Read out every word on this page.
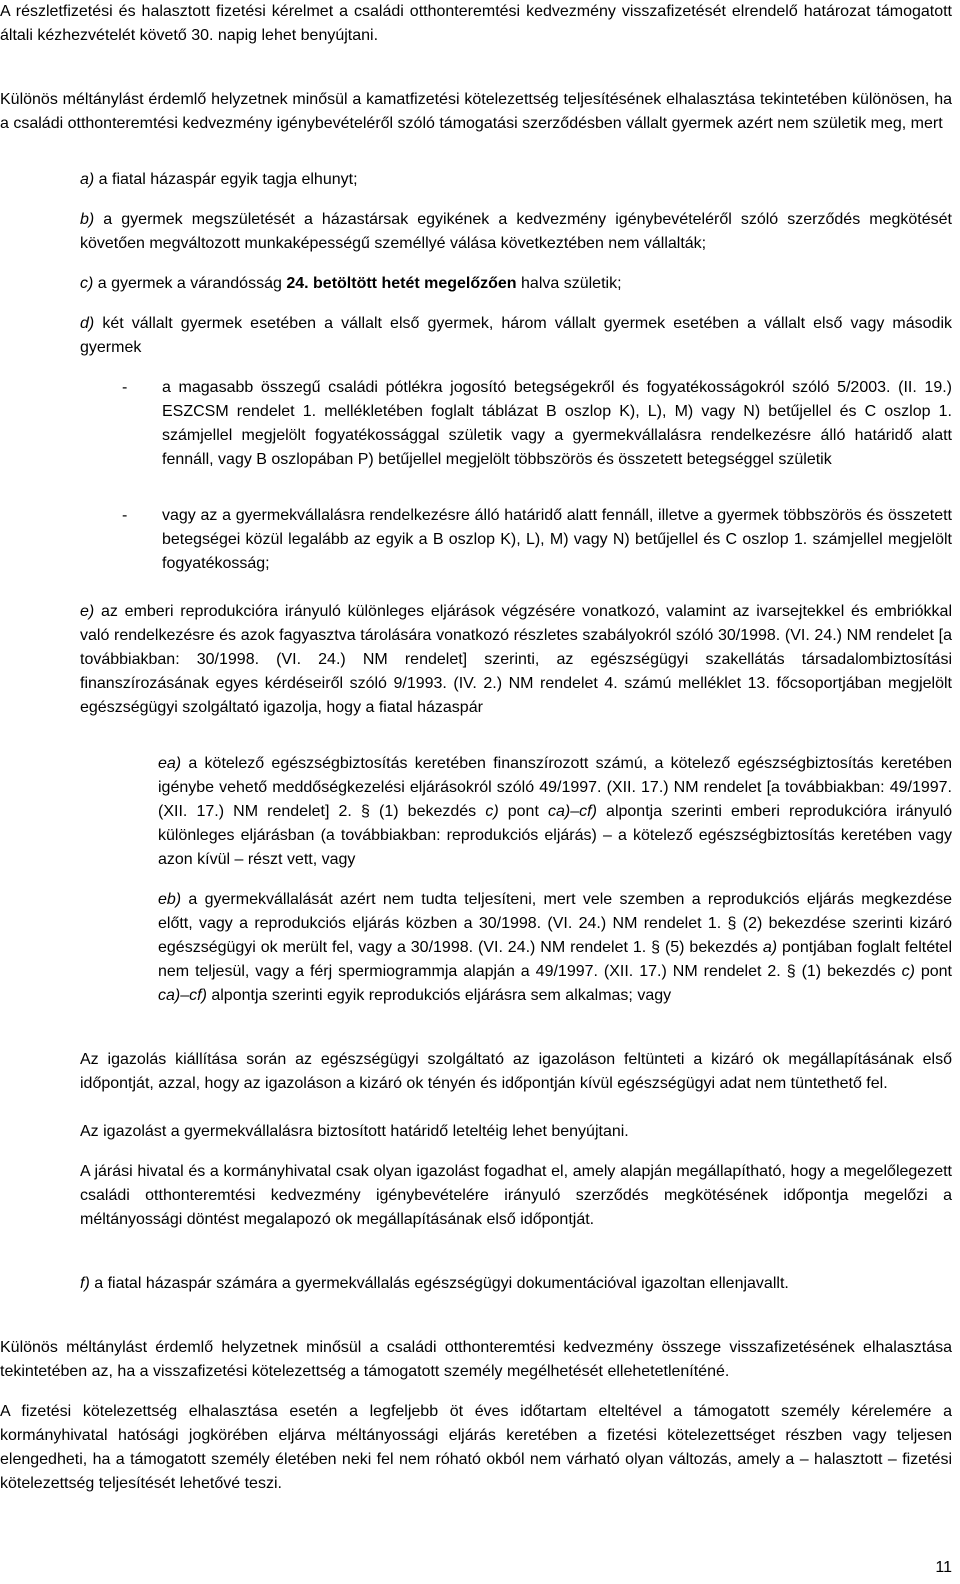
A részletfizetési és halasztott fizetési kérelmet a családi otthonteremtési kedvezmény visszafizetését elrendelő határozat támogatott általi kézhezvételét követő 30. napig lehet benyújtani.

Különös méltánylást érdemlő helyzetnek minősül a kamatfizetési kötelezettség teljesítésének elhalasztása tekintetében különösen, ha a családi otthonteremtési kedvezmény igénybevételéről szóló támogatási szerződésben vállalt gyermek azért nem születik meg, mert

a) a fiatal házaspár egyik tagja elhunyt;

b) a gyermek megszületését a házastársak egyikének a kedvezmény igénybevételéről szóló szerződés megkötését követően megváltozott munkaképességű személlyé válása következtében nem vállalták;

c) a gyermek a várandósság 24. betöltött hetét megelőzően halva születik;

d) két vállalt gyermek esetében a vállalt első gyermek, három vállalt gyermek esetében a vállalt első vagy második gyermek

- a magasabb összegű családi pótlékra jogosító betegségekről és fogyatékosságokról szóló 5/2003. (II. 19.) ESZCSM rendelet 1. mellékletében foglalt táblázat B oszlop K), L), M) vagy N) betűjellel és C oszlop 1. számjellel megjelölt fogyatékossággal születik vagy a gyermekvállalásra rendelkezésre álló határidő alatt fennáll, vagy B oszlopában P) betűjellel megjelölt többszörös és összetett betegséggel születik

- vagy az a gyermekvállalásra rendelkezésre álló határidő alatt fennáll, illetve a gyermek többszörös és összetett betegségei közül legalább az egyik a B oszlop K), L), M) vagy N) betűjellel és C oszlop 1. számjellel megjelölt fogyatékosság;

e) az emberi reprodukcióra irányuló különleges eljárások végzésére vonatkozó, valamint az ivarsejtekkel és embriókkal való rendelkezésre és azok fagyasztva tárolására vonatkozó részletes szabályokról szóló 30/1998. (VI. 24.) NM rendelet [a továbbiakban: 30/1998. (VI. 24.) NM rendelet] szerinti, az egészségügyi szakellátás társadalombiztosítási finanszírozásának egyes kérdéseiről szóló 9/1993. (IV. 2.) NM rendelet 4. számú melléklet 13. főcsoportjában megjelölt egészségügyi szolgáltató igazolja, hogy a fiatal házaspár

ea) a kötelező egészségbiztosítás keretében finanszírozott számú, a kötelező egészségbiztosítás keretében igénybe vehető meddőségkezelési eljárásokról szóló 49/1997. (XII. 17.) NM rendelet [a továbbiakban: 49/1997. (XII. 17.) NM rendelet] 2. § (1) bekezdés c) pont ca)–cf) alpontja szerinti emberi reprodukcióra irányuló különleges eljárásban (a továbbiakban: reprodukciós eljárás) – a kötelező egészségbiztosítás keretében vagy azon kívül – részt vett, vagy

eb) a gyermekvállalását azért nem tudta teljesíteni, mert vele szemben a reprodukciós eljárás megkezdése előtt, vagy a reprodukciós eljárás közben a 30/1998. (VI. 24.) NM rendelet 1. § (2) bekezdése szerinti kizáró egészségügyi ok merült fel, vagy a 30/1998. (VI. 24.) NM rendelet 1. § (5) bekezdés a) pontjában foglalt feltétel nem teljesül, vagy a férj spermiogrammja alapján a 49/1997. (XII. 17.) NM rendelet 2. § (1) bekezdés c) pont ca)–cf) alpontja szerinti egyik reprodukciós eljárásra sem alkalmas; vagy

Az igazolás kiállítása során az egészségügyi szolgáltató az igazoláson feltünteti a kizáró ok megállapításának első időpontját, azzal, hogy az igazoláson a kizáró ok tényén és időpontján kívül egészségügyi adat nem tüntethető fel.

Az igazolást a gyermekvállalásra biztosított határidő leteltéig lehet benyújtani.

A járási hivatal és a kormányhivatal csak olyan igazolást fogadhat el, amely alapján megállapítható, hogy a megelőlegezett családi otthonteremtési kedvezmény igénybevételére irányuló szerződés megkötésének időpontja megelőzi a méltányossági döntést megalapozó ok megállapításának első időpontját.

f) a fiatal házaspár számára a gyermekvállalás egészségügyi dokumentációval igazoltan ellenjavallt.

Különös méltánylást érdemlő helyzetnek minősül a családi otthonteremtési kedvezmény összege visszafizetésének elhalasztása tekintetében az, ha a visszafizetési kötelezettség a támogatott személy megélhetését ellehetetleníténé.

A fizetési kötelezettség elhalasztása esetén a legfeljebb öt éves időtartam elteltével a támogatott személy kérelemére a kormányhivatal hatósági jogkörében eljárva méltányossági eljárás keretében a fizetési kötelezettséget részben vagy teljesen elengedheti, ha a támogatott személy életében neki fel nem róható okból nem várható olyan változás, amely a – halasztott – fizetési kötelezettség teljesítését lehetővé teszi.

11
